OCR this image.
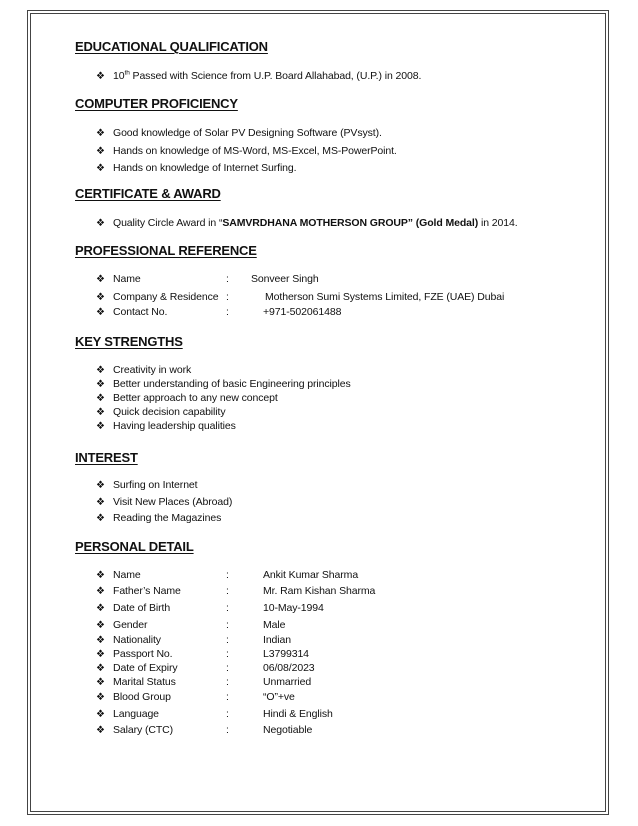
EDUCATIONAL QUALIFICATION
❖ 10th Passed with Science from U.P. Board Allahabad, (U.P.) in 2008.
COMPUTER PROFICIENCY
❖ Good knowledge of Solar PV Designing Software (PVsyst).
❖ Hands on knowledge of MS-Word, MS-Excel, MS-PowerPoint.
❖ Hands on knowledge of Internet Surfing.
CERTIFICATE & AWARD
❖ Quality Circle Award in “SAMVRDHANA MOTHERSON GROUP” (Gold Medal) in 2014.
PROFESSIONAL REFERENCE
❖ Name	: Sonveer Singh
❖ Company & Residence :	Motherson Sumi Systems Limited, FZE (UAE) Dubai
❖ Contact No.	:	+971-502061488
KEY STRENGTHS
❖ Creativity in work
❖ Better understanding of basic Engineering principles
❖ Better approach to any new concept
❖ Quick decision capability
❖ Having leadership qualities
INTEREST
❖ Surfing on Internet
❖ Visit New Places (Abroad)
❖ Reading the Magazines
PERSONAL DETAIL
❖ Name	:	Ankit Kumar Sharma
❖ Father’s Name	:	Mr. Ram Kishan Sharma
❖ Date of Birth	:	10-May-1994
❖ Gender	:	Male
❖ Nationality	:	Indian
❖ Passport No.	:	L3799314
❖ Date of Expiry	:	06/08/2023
❖ Marital Status	:	Unmarried
❖ Blood Group	:	“O”+ve
❖ Language	:	Hindi & English
❖ Salary (CTC)	:	Negotiable
